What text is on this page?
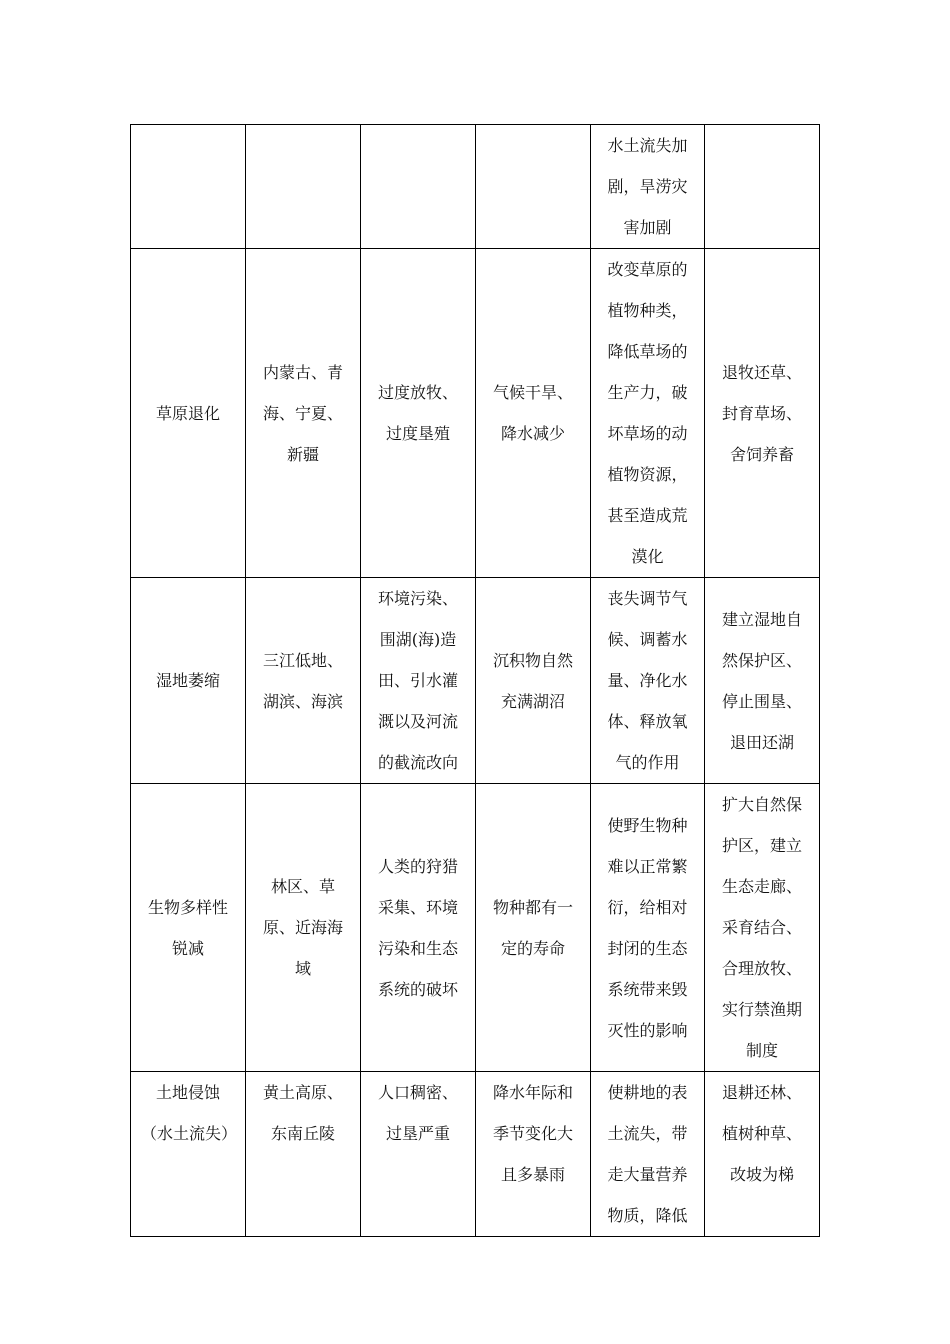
				水土流失加剧，旱涝灾害加剧	

草原退化	内蒙古、青海、宁夏、新疆	过度放牧、过度垦殖	气候干旱、降水减少	改变草原的植物种类，降低草场的生产力，破坏草场的动植物资源，甚至造成荒漠化	退牧还草、封育草场、舍饲养畜

湿地萎缩	三江低地、湖滨、海滨	环境污染、围湖(海)造田、引水灌溉以及河流的截流改向	沉积物自然充满湖沼	丧失调节气候、调蓄水量、净化水体、释放氧气的作用	建立湿地自然保护区、停止围垦、退田还湖

生物多样性锐减	林区、草原、近海海域	人类的狩猎采集、环境污染和生态系统的破坏	物种都有一定的寿命	使野生物种难以正常繁衍，给相对封闭的生态系统带来毁灭性的影响	扩大自然保护区，建立生态走廊、采育结合、合理放牧、实行禁渔期制度

土地侵蚀（水土流失）	黄土高原、东南丘陵	人口稠密、过垦严重	降水年际和季节变化大且多暴雨	使耕地的表土流失，带走大量营养物质，降低	退耕还林、植树种草、改坡为梯
